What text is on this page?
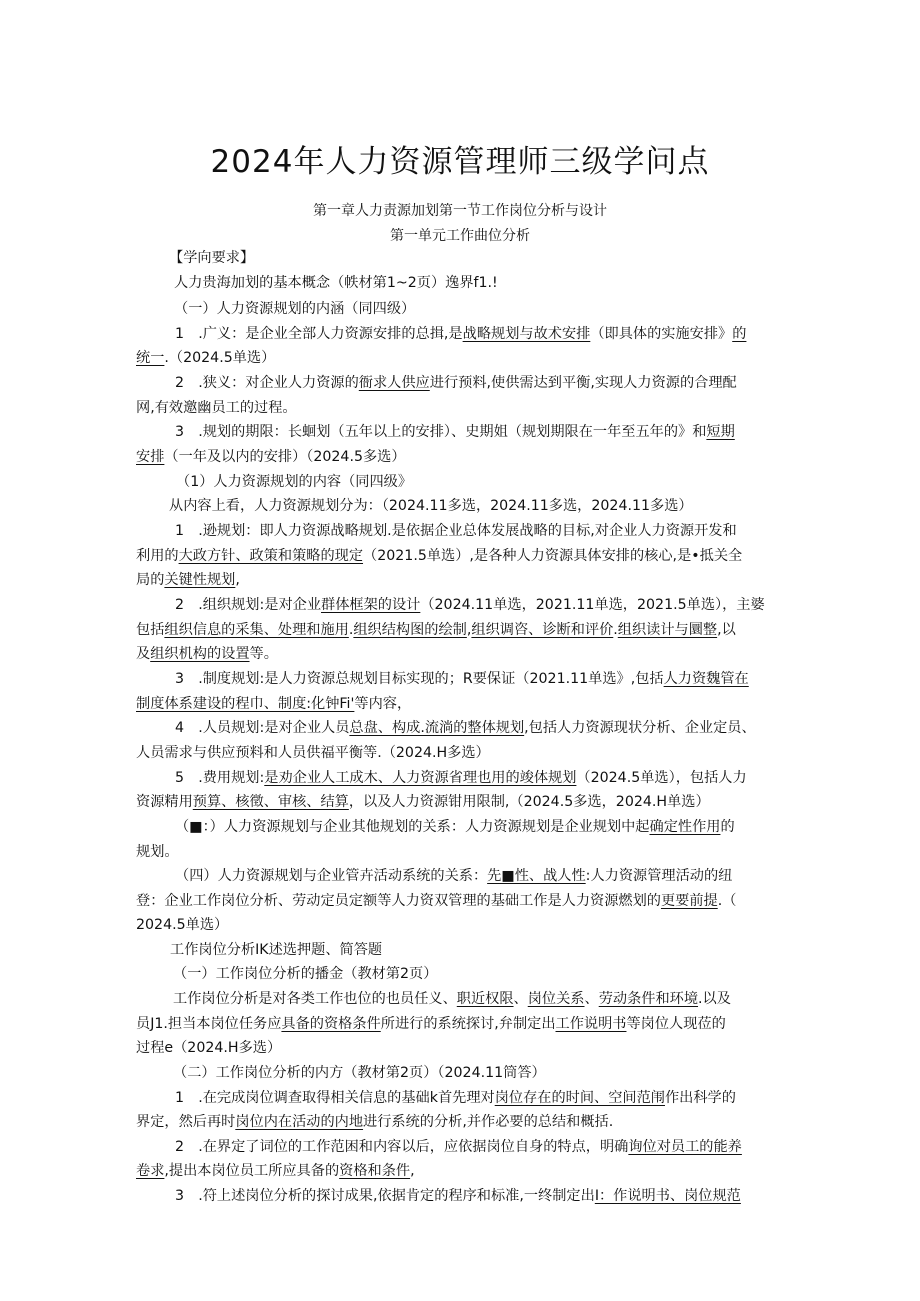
2024年人力资源管理师三级学问点
第一章人力责源加划第一节工作岗位分析与设计
第一单元工作曲位分析
【学向要求】
人力贵海加划的基本概念（帙材第1~2页）逸界f1.!
（一）人力资源规划的内涵（同四级）
1　.广义：是企业全部人力资源安排的总揖,是战略规划与故术安排（即具体的实施安排》的
统一.（2024.5单选）
2　.狭义：对企业人力资源的衙求人供应进行预料,使供需达到平衡,实现人力资源的合理配
网,有效邀幽员工的过程。
3　.规划的期限：长蛔划（五年以上的安排）、史期姐（规划期限在一年至五年的》和短期
安排（一年及以内的安排）（2024.5多选）
（1）人力资源规划的内容（同四级》
从内容上看，人力资源规划分为：（2024.11多选，2024.11多选，2024.11多选）
1　.逊规划：即人力资源战略规划.是依据企业总体发展战略的目标,对企业人力资源开发和
利用的大政方针、政策和策略的现定（2021.5单选）,是各种人力资源具体安排的核心,是•抵关全
局的关键性规划,
2　.组织规划:是对企业群体框架的设计（2024.11单选，2021.11单选，2021.5单选），主婆
包括组织信息的采集、处理和施用.组织结构图的绘制,组织调咨、诊断和评价.组织读计与圜整,以
及组织机构的设置等。
3　.制度规划:是人力资源总规划目标实现的；R要保证（2021.11单选》,包括人力资魏管在
制度体系建设的程巾、制度:化钟Fi'等内容，
4　.人员规划:是对企业人员总盘、构成.流淌的整体规划,包括人力资源现状分析、企业定员、
人员需求与供应预料和人员供福平衡等.（2024.H多选）
5　.费用规划:是劝企业人工成木、人力资源省理也用的竣体规划（2024.5单选），包括人力
资源精用预算、核徵、审核、结算，以及人力资源钳用限制,（2024.5多选，2024.H单选）
（■：）人力资源规划与企业其他规划的关系：人力资源规划是企业规划中起确定性作用的
规划。
（四）人力资源规划与企业管卉活动系统的关系：先■性、战人性:人力资源管理活动的纽
登：企业工作岗位分析、劳动定员定额等人力资双管理的基础工作是人力资源燃划的更要前提.（
2024.5单选）
工作岗位分析IK述选押题、简答题
（一）工作岗位分析的播金（教材第2页）
工作岗位分析是对各类工作也位的也员任义、职近权限、岗位关系、劳动条件和环境.以及
员J1.担当本岗位任务应具备的资格条件所进行的系统探讨,弁制定出工作说明书等岗位人现莅的
过程e（2024.H多选）
（二）工作岗位分析的内方（教材第2页）（2024.11筒答）
1　.在完成岗位调查取得相关信息的基础k首先理对岗位存在的时间、空间范闱作出科学的
界定，然后再时岗位内在活动的内地进行系统的分析,并作必要的总结和概括.
2　.在界定了词位的工作范困和内容以后，应依据岗位自身的特点，明确询位对员工的能养
卷求,提出本岗位员工所应具备的资格和条件,
3　.符上述岗位分析的探讨成果,依据肯定的程序和标准,一终制定出I：作说明书、岗位规范
